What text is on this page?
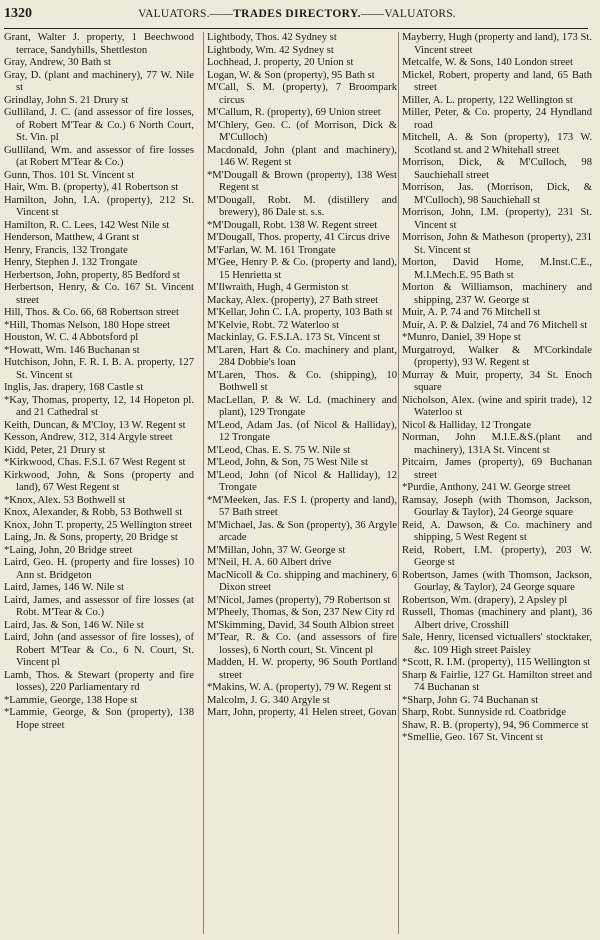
1320	VALUATORS.——TRADES DIRECTORY.——VALUATORS.

Grant, Walter J. property, 1 Beechwood terrace, Sandyhills, Shettleston

Gray, Andrew, 30 Bath st

Gray, D. (plant and machinery), 77 W. Nile st

Grindlay, John S. 21 Drury st

Gulliland, J. C. (and assessor of fire losses, of Robert M'Tear & Co.) 6 North Court, St. Vin. pl

Gulliland, Wm. and assessor of fire losses (at Robert M'Tear & Co.)

Gunn, Thos. 101 St. Vincent st

Hair, Wm. B. (property), 41 Robertson st

Hamilton, John, I.A. (property), 212 St. Vincent st

Hamilton, R. C. Lees, 142 West Nile st

Henderson, Matthew, 4 Grant st

Henry, Francis, 132 Trongate

Henry, Stephen J. 132 Trongate

Herbertson, John, property, 85 Bedford st

Herbertson, Henry, & Co. 167 St. Vincent street

Hill, Thos. & Co. 66, 68 Robertson street

*Hill, Thomas Nelson, 180 Hope street

Houston, W. C. 4 Abbotsford pl

*Howatt, Wm. 146 Buchanan st

Hutchison, John, F. R. I. B. A. property, 127 St. Vincent st

Inglis, Jas. drapery, 168 Castle st

*Kay, Thomas, property, 12, 14 Hopeton pl. and 21 Cathedral st

Keith, Duncan, & M'Cloy, 13 W. Regent st

Kesson, Andrew, 312, 314 Argyle street

Kidd, Peter, 21 Drury st

*Kirkwood, Chas. F.S.I. 67 West Regent st

Kirkwood, John, & Sons (property and land), 67 West Regent st

*Knox, Alex. 53 Bothwell st

Knox, Alexander, & Robb, 53 Bothwell st

Knox, John T. property, 25 Wellington street

Laing, Jn. & Sons, property, 20 Bridge st

*Laing, John, 20 Bridge street

Laird, Geo. H. (property and fire losses) 10 Ann st. Bridgeton

Laird, James, 146 W. Nile st

Laird, James, and assessor of fire losses (at Robt. M'Tear & Co.)

Laird, Jas. & Son, 146 W. Nile st

Laird, John (and assessor of fire losses), of Robert M'Tear & Co., 6 N. Court, St. Vincent pl

Lamb, Thos. & Stewart (property and fire losses), 220 Parliamentary rd

*Lammie, George, 138 Hope st

*Lammie, George, & Son (property), 138 Hope street

Lightbody, Thos. 42 Sydney st

Lightbody, Wm. 42 Sydney st

Lochhead, J. property, 20 Union st

Logan, W. & Son (property), 95 Bath st

M'Call, S. M. (property), 7 Broompark circus

M'Callum, R. (property), 69 Union street

M'Chlery, Geo. C. (of Morrison, Dick & M'Culloch)

Macdonald, John (plant and machinery), 146 W. Regent st

*M'Dougall & Brown (property), 138 West Regent st

M'Dougall, Robt. M. (distillery and brewery), 86 Dale st. s.s.

*M'Dougall, Robt. 138 W. Regent street

M'Dougall, Thos. property, 41 Circus drive

M'Farlan, W. M. 161 Trongate

M'Gee, Henry P. & Co. (property and land), 15 Henrietta st

M'Ilwraith, Hugh, 4 Germiston st

Mackay, Alex. (property), 27 Bath street

M'Kellar, John C. I.A. property, 103 Bath st

M'Kelvie, Robt. 72 Waterloo st

Mackinlay, G. F.S.I.A. 173 St. Vincent st

M'Laren, Hart & Co. machinery and plant, 284 Dobbie's loan

M'Laren, Thos. & Co. (shipping), 10 Bothwell st

MacLellan, P. & W. Ld. (machinery and plant), 129 Trongate

M'Leod, Adam Jas. (of Nicol & Halliday), 12 Trongate

M'Leod, Chas. E. S. 75 W. Nile st

M'Leod, John, & Son, 75 West Nile st

M'Leod, John (of Nicol & Halliday), 12 Trongate

*M'Meeken, Jas. F.S I. (property and land), 57 Bath street

M'Michael, Jas. & Son (property), 36 Argyle arcade

M'Millan, John, 37 W. George st

M'Neil, H. A. 60 Albert drive

MacNicoll & Co. shipping and machinery, 6 Dixon street

M'Nicol, James (property), 79 Robertson st

M'Pheely, Thomas, & Son, 237 New City rd

M'Skimming, David, 34 South Albion street

M'Tear, R. & Co. (and assessors of fire losses), 6 North court, St. Vincent pl

Madden, H. W. property, 96 South Portland street

*Makins, W. A. (property), 79 W. Regent st

Malcolm, J. G. 340 Argyle st

Marr, John, property, 41 Helen street, Govan

Mayberry, Hugh (property and land), 173 St. Vincent street

Metcalfe, W. & Sons, 140 London street

Mickel, Robert, property and land, 65 Bath street

Miller, A. L. property, 122 Wellington st

Miller, Peter, & Co. property, 24 Hyndland road

Mitchell, A. & Son (property), 173 W. Scotland st. and 2 Whitehall street

Morrison, Dick, & M'Culloch, 98 Sauchiehall street

Morrison, Jas. (Morrison, Dick, & M'Culloch), 98 Sauchiehall st

Morrison, John, I.M. (property), 231 St. Vincent st

Morrison, John & Matheson (property), 231 St. Vincent st

Morton, David Home, M.Inst.C.E., M.I.Mech.E. 95 Bath st

Morton & Williamson, machinery and shipping, 237 W. George st

Muir, A. P. 74 and 76 Mitchell st

Muir, A. P. & Dalziel, 74 and 76 Mitchell st

*Munro, Daniel, 39 Hope st

Murgatroyd, Walker & M'Corkindale (property), 93 W. Regent st

Murray & Muir, property, 34 St. Enoch square

Nicholson, Alex. (wine and spirit trade), 12 Waterloo st

Nicol & Halliday, 12 Trongate

Norman, John M.I.E.&S.(plant and machinery), 131A St. Vincent st

Pitcairn, James (property), 69 Buchanan street

*Purdie, Anthony, 241 W. George street

Ramsay, Joseph (with Thomson, Jackson, Gourlay & Taylor), 24 George square

Reid, A. Dawson, & Co. machinery and shipping, 5 West Regent st

Reid, Robert, I.M. (property), 203 W. George st

Robertson, James (with Thomson, Jackson, Gourlay, & Taylor), 24 George square

Robertson, Wm. (drapery), 2 Apsley pl

Russell, Thomas (machinery and plant), 36 Albert drive, Crosshill

Sale, Henry, licensed victuallers' stocktaker, &c. 109 High street Paisley

*Scott, R. I.M. (property), 115 Wellington st

Sharp & Fairlie, 127 Gt. Hamilton street and 74 Buchanan st

*Sharp, John G. 74 Buchanan st

Sharp, Robt. Sunnyside rd. Coatbridge

Shaw, R. B. (property), 94, 96 Commerce st

*Smellie, Geo. 167 St. Vincent st
